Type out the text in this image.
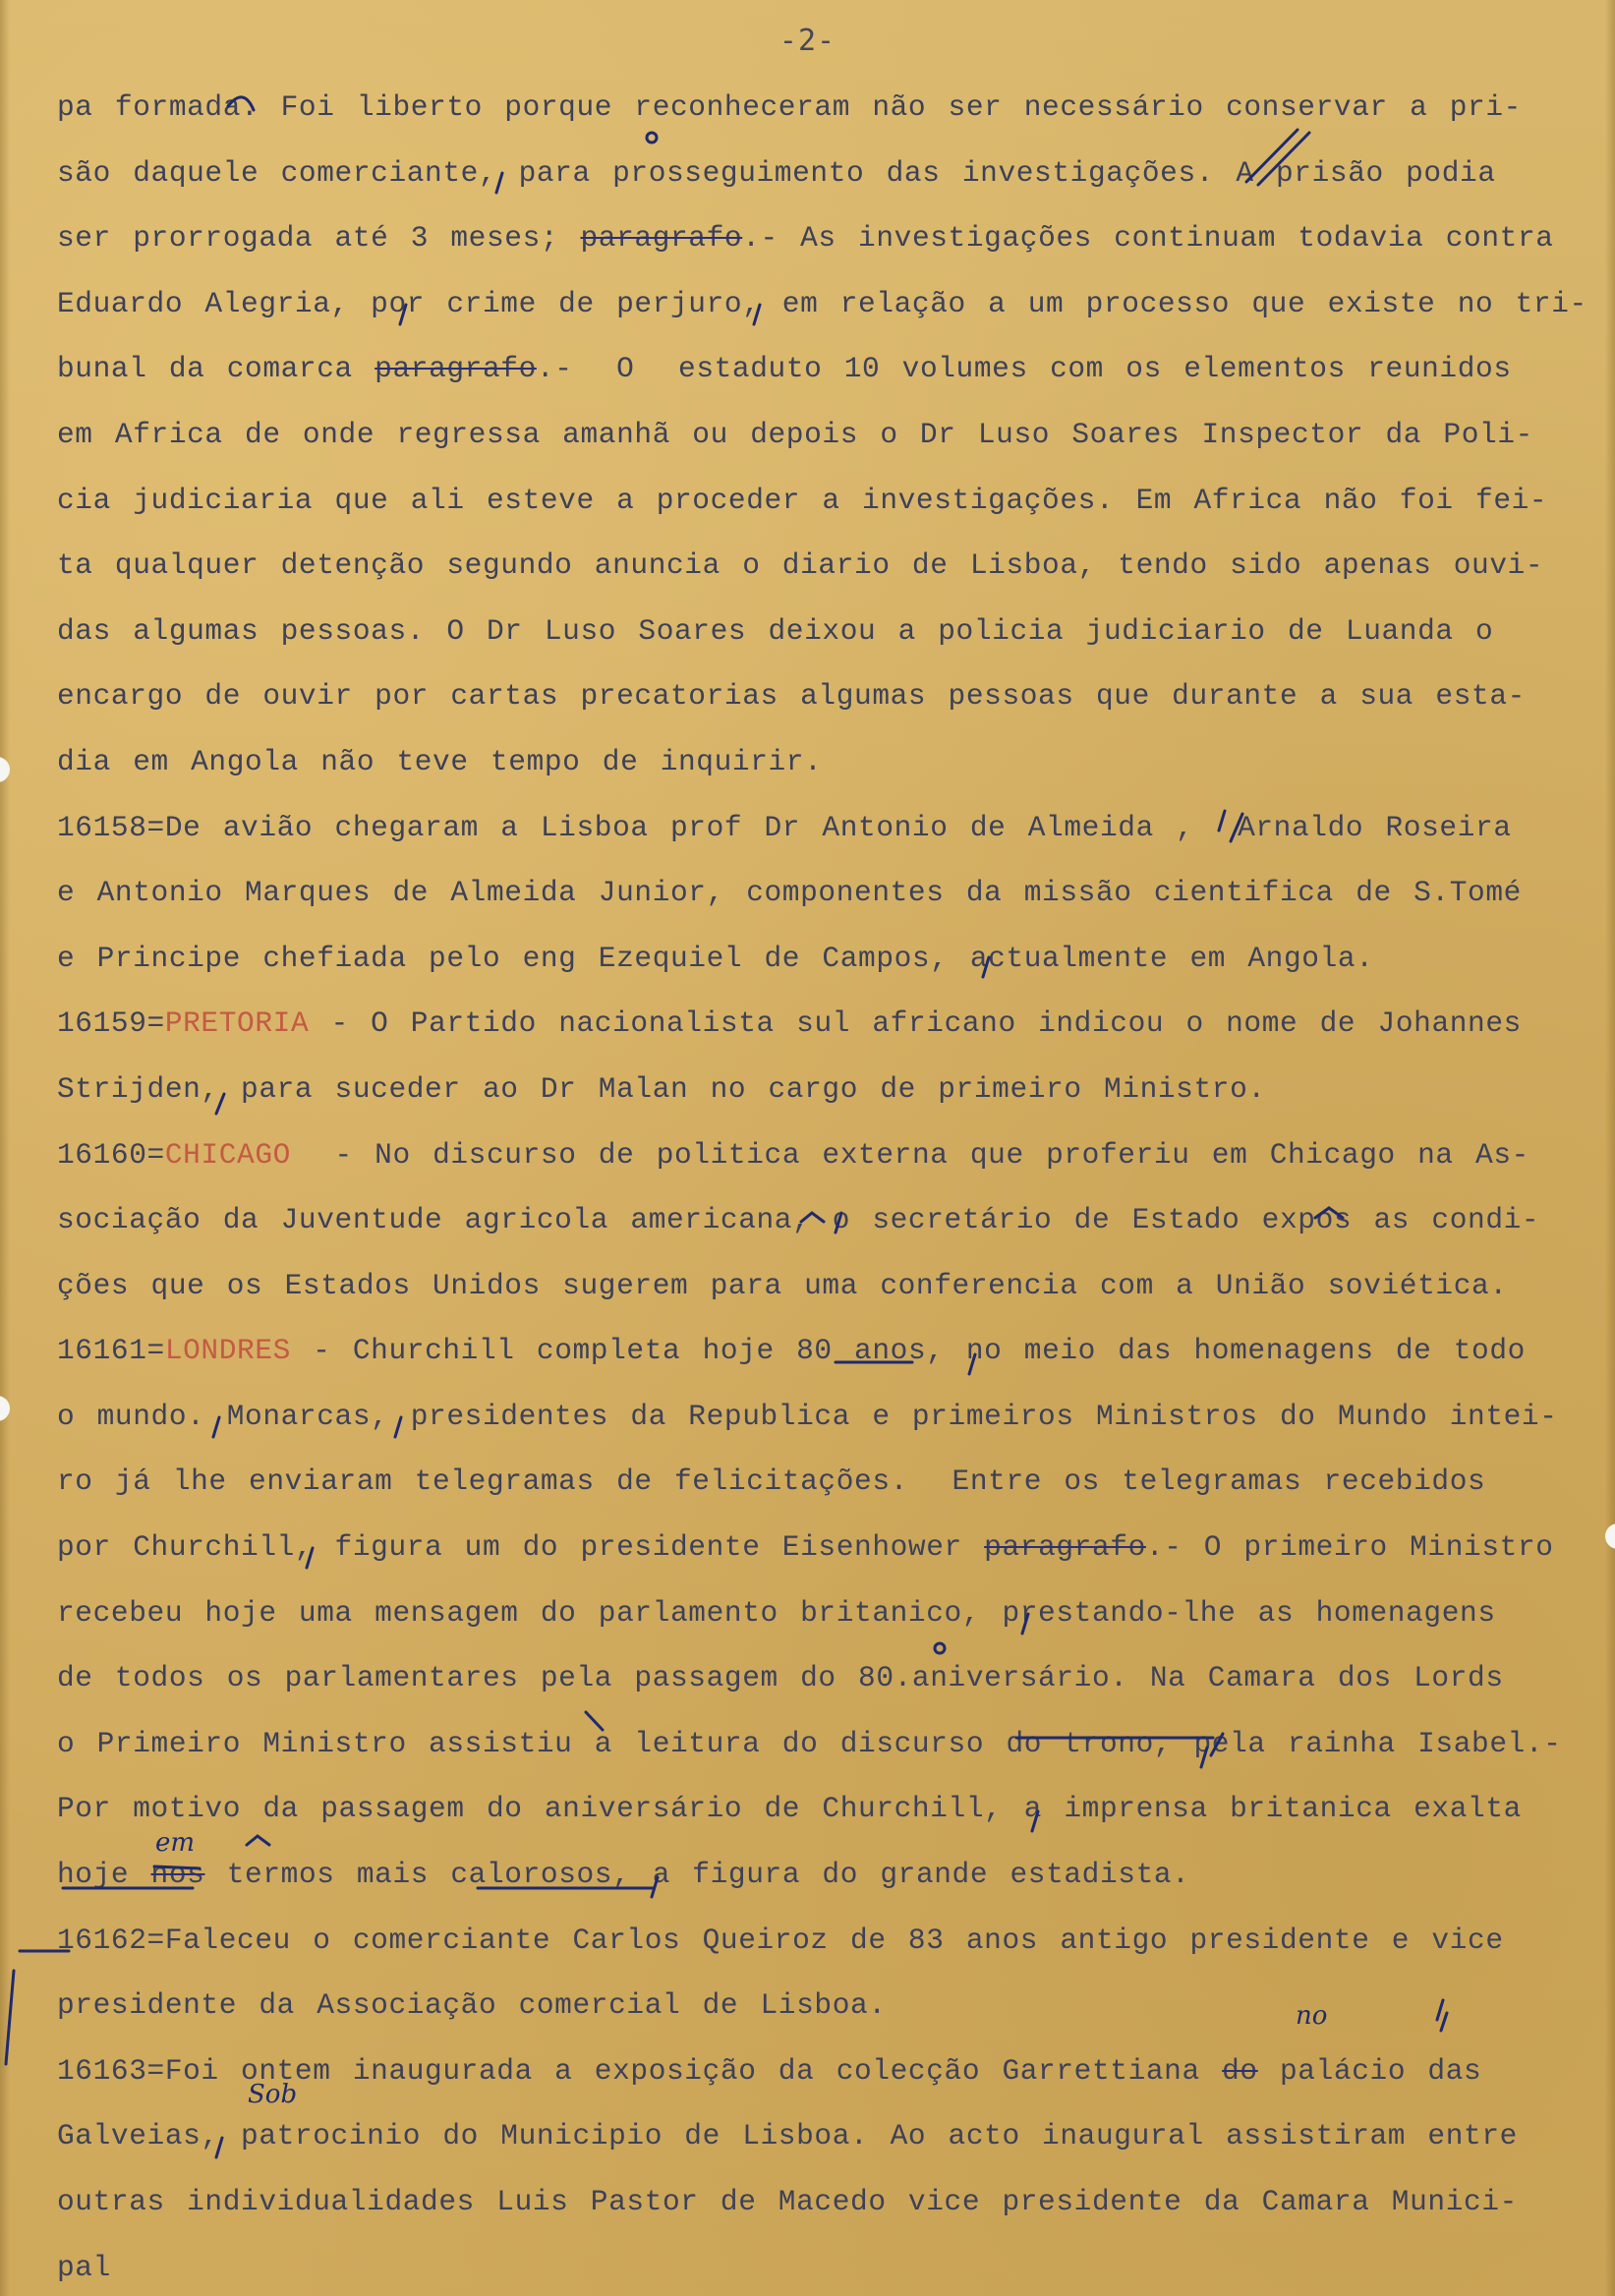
-2-
pa formada. Foi liberto porque reconheceram não ser necessário conservar a pri-
são daquele comerciante, para prosseguimento das investigações. A prisão podia
ser prorrogada até 3 meses; paragrafo.- As investigações continuam todavia contra
Eduardo Alegria, por crime de perjuro, em relação a um processo que existe no tri-
bunal da comarca paragrafo.-  O  estaduto 10 volumes com os elementos reunidos
em Africa de onde regressa amanhã ou depois o Dr Luso Soares Inspector da Poli-
cia judiciaria que ali esteve a proceder a investigações. Em Africa não foi fei-
ta qualquer detenção segundo anuncia o diario de Lisboa, tendo sido apenas ouvi-
das algumas pessoas. O Dr Luso Soares deixou a policia judiciario de Luanda o
encargo de ouvir por cartas precatorias algumas pessoas que durante a sua esta-
dia em Angola não teve tempo de inquirir.
16158=De avião chegaram a Lisboa prof Dr Antonio de Almeida ,  Arnaldo Roseira
e Antonio Marques de Almeida Junior, componentes da missão cientifica de S.Tomé
e Principe chefiada pelo eng Ezequiel de Campos, actualmente em Angola.
16159=PRETORIA - O Partido nacionalista sul africano indicou o nome de Johannes
Strijden, para suceder ao Dr Malan no cargo de primeiro Ministro.
16160=CHICAGO  - No discurso de politica externa que proferiu em Chicago na As-
sociação da Juventude agricola americana, o secretário de Estado expos as condi-
ções que os Estados Unidos sugerem para uma conferencia com a União soviética.
16161=LONDRES - Churchill completa hoje 80 anos, no meio das homenagens de todo
o mundo. Monarcas, presidentes da Republica e primeiros Ministros do Mundo intei-
ro já lhe enviaram telegramas de felicitações.  Entre os telegramas recebidos
por Churchill, figura um do presidente Eisenhower paragrafo.- O primeiro Ministro
recebeu hoje uma mensagem do parlamento britanico, prestando-lhe as homenagens
de todos os parlamentares pela passagem do 80.aniversário. Na Camara dos Lords
o Primeiro Ministro assistiu a leitura do discurso do trono, pela rainha Isabel.-
Por motivo da passagem do aniversário de Churchill, a imprensa britanica exalta
hoje nos termos mais calorosos, a figura do grande estadista.
16162=Faleceu o comerciante Carlos Queiroz de 83 anos antigo presidente e vice
presidente da Associação comercial de Lisboa.
16163=Foi ontem inaugurada a exposição da colecção Garrettiana do palácio das
Galveias, patrocinio do Municipio de Lisboa. Ao acto inaugural assistiram entre
outras individualidades Luis Pastor de Macedo vice presidente da Camara Munici-
pal
em
no
Sob
